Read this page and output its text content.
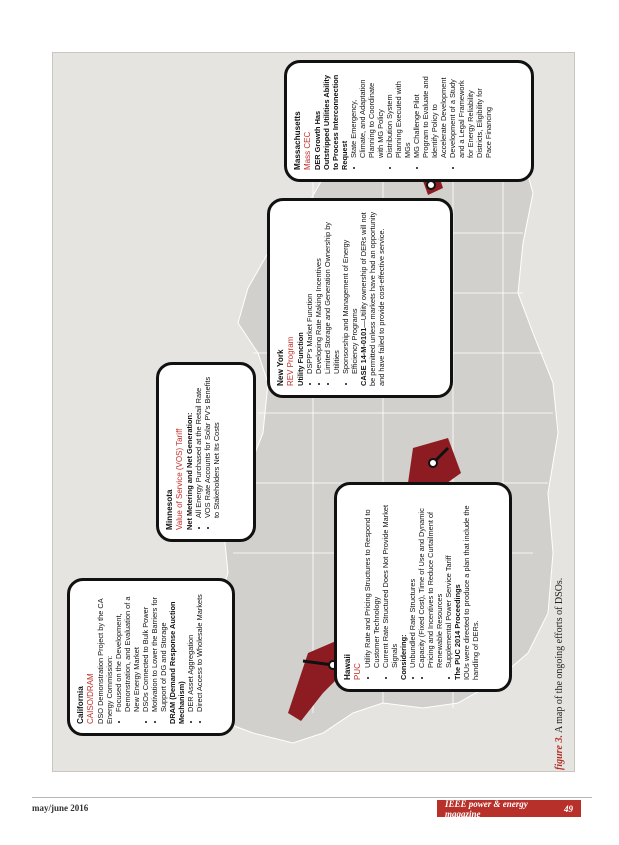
California CAISO/DRAM DSO Demonstration Project by the CA Energy Commission: • Focused on the Development, Demonstration, and Evaluation of a New Energy Market • DSOs Connected to Bulk Power • Motivation to Lower the Barriers for Support of DG and Storage DRAM (Demand Response Auction Mechanism) • DER Asset Aggregation • Direct Access to Wholesale Markets
Minnesota Value of Service (VOS) Tariff Net Metering and Net Generation: • All Energy Purchased at the Retail Rate • VOS Rate Accounts for Solar PV’s Benefits to Stakeholders Net Its Costs
Hawaii PUC
• Utility Rate and Pricing Structures to Respond to Customer Technology • Current Rate Structured Does Not Provide Market Signals Considering: • Unbundled Rate Structures • Capacity (Fixed Cost), Time of Use and Dynamic Pricing and Incentives to Reduce Curtailment of Renewable Resources • Supplemental Power Service Tariff The PUC 2014 Proceedings IOUs were directed to produce a plan that include the handling of DERs.

New York REV Program Utility Function • DSPP’s Market Function • Developing Rate Making Incentives • Limited Storage and Generation Ownership by Utilities • Sponsorship and Management of Energy Efficiency Programs CASE 14-M-0101—Utility ownership of DERs will not be permitted unless markets have had an opportunity and have failed to provide cost-effective service.

Massachusetts Mass CEC DER Growth Has Outstripped Utilities Ability to Process Interconnection Request • State Emergency, Climate, and Adaptation Planning to Coordinate with MG Policy • Distribution System Planning Executed with MGs • MG Challenge Pilot Program to Evaluate and Identify Policy to Accelerate Development • Development of a Study and a Legal Framework for Energy Reliability Districts, Eligibility for Pace Financing
figure 3. A map of the ongoing efforts of DSOs.
may/june 2016	IEEE power & energy magazine	49
